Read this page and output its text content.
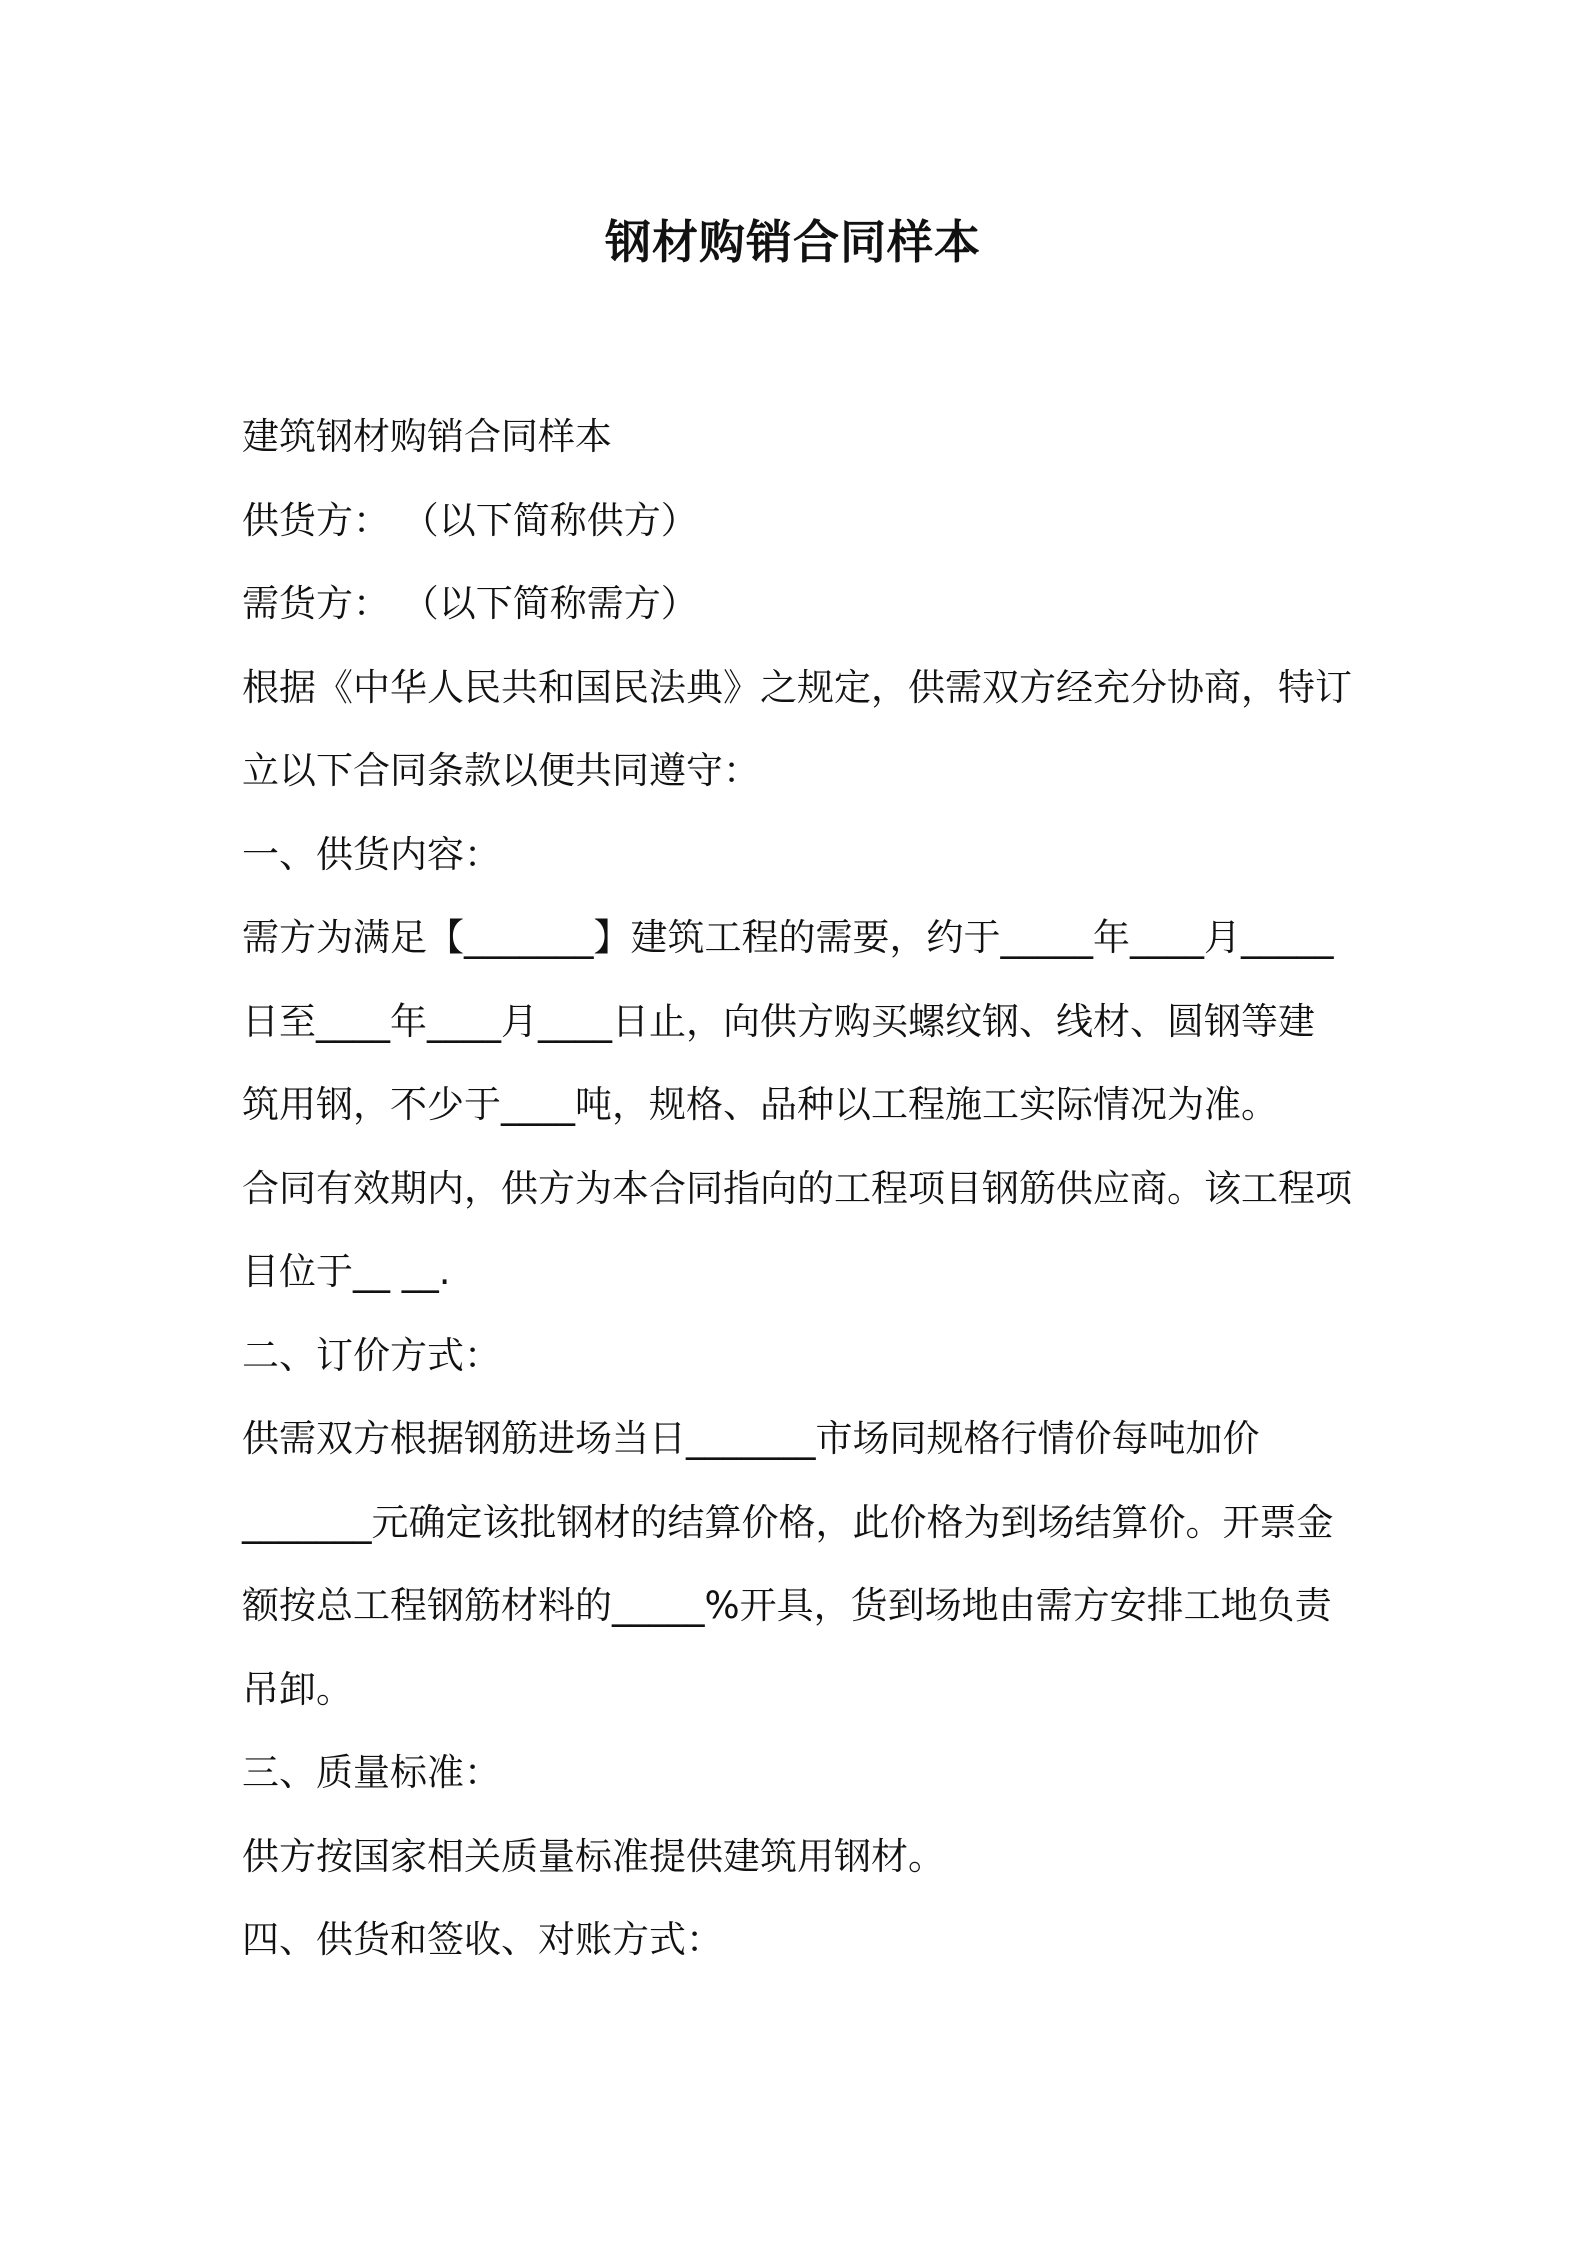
钢材购销合同样本
建筑钢材购销合同样本
供货方： （以下简称供方）
需货方： （以下简称需方）
根据《中华人民共和国民法典》之规定，供需双方经充分协商，特订
立以下合同条款以便共同遵守：
一、供货内容：
需方为满足【_______】建筑工程的需要，约于_____年____月_____
日至____年____月____日止，向供方购买螺纹钢、线材、圆钢等建
筑用钢，不少于____吨，规格、品种以工程施工实际情况为准。
合同有效期内，供方为本合同指向的工程项目钢筋供应商。该工程项
目位于__ __.
二、订价方式：
供需双方根据钢筋进场当日_______市场同规格行情价每吨加价
_______元确定该批钢材的结算价格，此价格为到场结算价。开票金
额按总工程钢筋材料的_____%开具，货到场地由需方安排工地负责
吊卸。
三、质量标准：
供方按国家相关质量标准提供建筑用钢材。
四、供货和签收、对账方式：
